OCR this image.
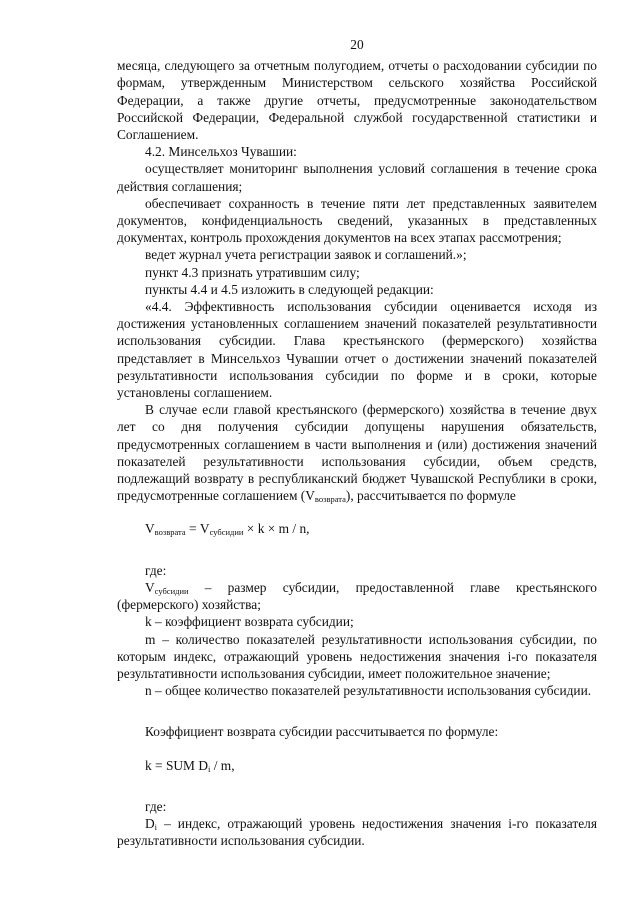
20

месяца, следующего за отчетным полугодием, отчеты о расходовании субсидии по формам, утвержденным Министерством сельского хозяйства Российской Федерации, а также другие отчеты, предусмотренные законодательством Российской Федерации, Федеральной службой государственной статистики и Соглашением.

4.2. Минсельхоз Чувашии:

осуществляет мониторинг выполнения условий соглашения в течение срока действия соглашения;

обеспечивает сохранность в течение пяти лет представленных заявителем документов, конфиденциальность сведений, указанных в представленных документах, контроль прохождения документов на всех этапах рассмотрения;

ведет журнал учета регистрации заявок и соглашений.»;

пункт 4.3 признать утратившим силу;

пункты 4.4 и 4.5 изложить в следующей редакции:

«4.4. Эффективность использования субсидии оценивается исходя из достижения установленных соглашением значений показателей результативности использования субсидии. Глава крестьянского (фермерского) хозяйства представляет в Минсельхоз Чувашии отчет о достижении значений показателей результативности использования субсидии по форме и в сроки, которые установлены соглашением.

В случае если главой крестьянского (фермерского) хозяйства в течение двух лет со дня получения субсидии допущены нарушения обязательств, предусмотренных соглашением в части выполнения и (или) достижения значений показателей результативности использования субсидии, объем средств, подлежащий возврату в республиканский бюджет Чувашской Республики в сроки, предусмотренные соглашением $(V_{возврата})$, рассчитывается по формуле

$V_{возврата} = V_{субсидии} \times k \times m / n$,

где:

$V_{субсидии}$ – размер субсидии, предоставленной главе крестьянского (фермерского) хозяйства;

k – коэффициент возврата субсидии;

m – количество показателей результативности использования субсидии, по которым индекс, отражающий уровень недостижения значения i-го показателя результативности использования субсидии, имеет положительное значение;

n – общее количество показателей результативности использования субсидии.

Коэффициент возврата субсидии рассчитывается по формуле:

k = SUM $D_i$ / m,

где:

$D_i$ – индекс, отражающий уровень недостижения значения i-го показателя результативности использования субсидии.
